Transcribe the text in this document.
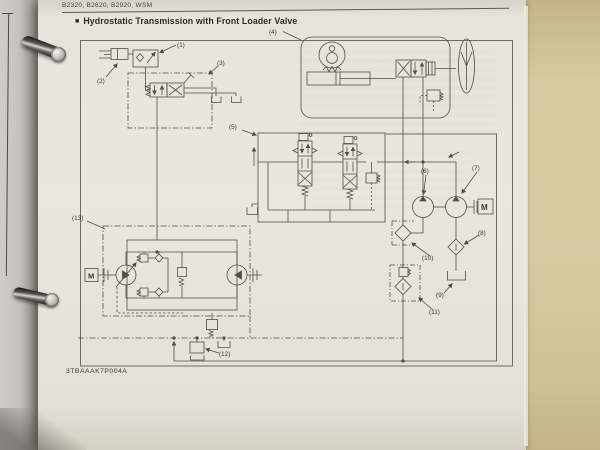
B2320, B2620, B2920, WSM
■ Hydrostatic Transmission with Front Loader Valve
(1)
(2)
(3)
(4)
(5)
(6)	(7)
(8)
(9)
(10)
(11)
(12)
(13)
M
M
3TBAAAK7P004A
